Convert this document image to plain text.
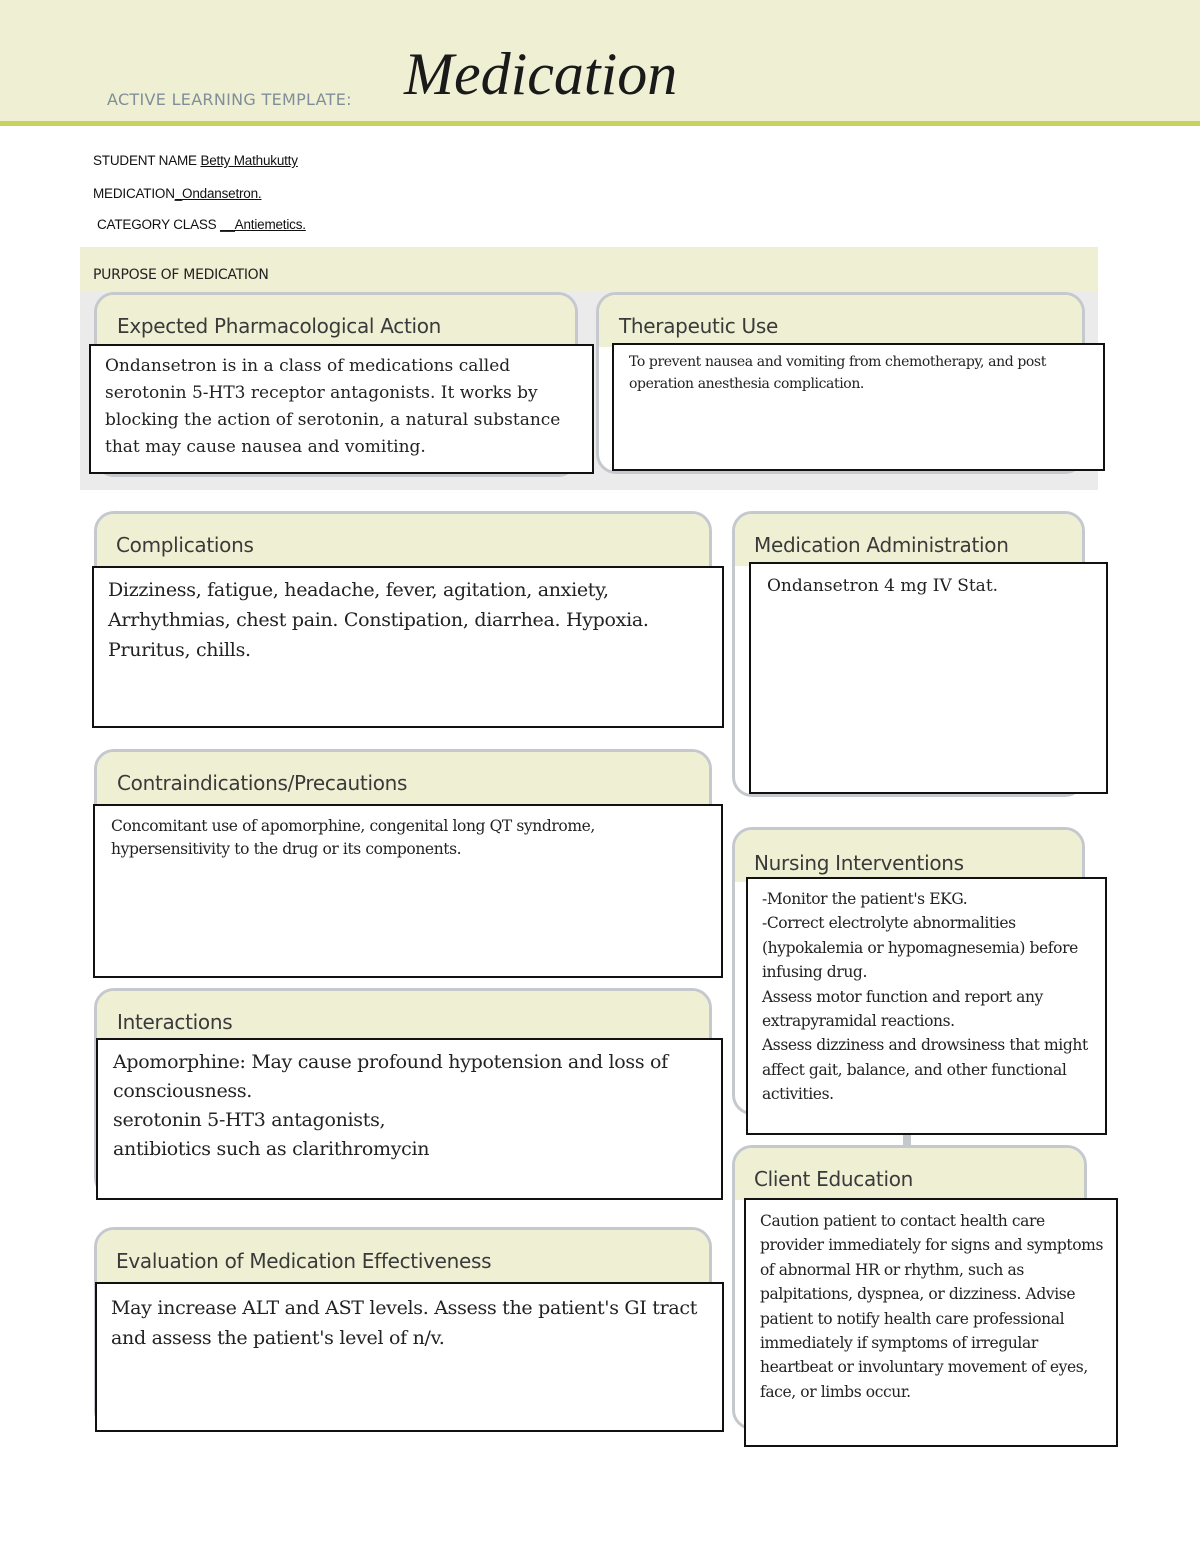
ACTIVE LEARNING TEMPLATE: Medication
STUDENT NAME Betty Mathukutty
MEDICATION_Ondansetron.
CATEGORY CLASS __Antiemetics.
PURPOSE OF MEDICATION
Expected Pharmacological Action
Ondansetron is in a class of medications called serotonin 5-HT3 receptor antagonists. It works by blocking the action of serotonin, a natural substance that may cause nausea and vomiting.
Therapeutic Use
To prevent nausea and vomiting from chemotherapy, and post operation anesthesia complication.
Complications
Dizziness, fatigue, headache, fever, agitation, anxiety, Arrhythmias, chest pain. Constipation, diarrhea. Hypoxia. Pruritus, chills.
Medication Administration
Ondansetron 4 mg IV Stat.
Contraindications/Precautions
Concomitant use of apomorphine, congenital long QT syndrome, hypersensitivity to the drug or its components.
Nursing Interventions
-Monitor the patient's EKG.
-Correct electrolyte abnormalities (hypokalemia or hypomagnesemia) before infusing drug.
Assess motor function and report any extrapyramidal reactions.
Assess dizziness and drowsiness that might affect gait, balance, and other functional activities.
Interactions
Apomorphine: May cause profound hypotension and loss of consciousness.
serotonin 5-HT3 antagonists,
antibiotics such as clarithromycin
Client Education
Caution patient to contact health care provider immediately for signs and symptoms of abnormal HR or rhythm, such as palpitations, dyspnea, or dizziness. Advise patient to notify health care professional immediately if symptoms of irregular heartbeat or involuntary movement of eyes, face, or limbs occur.
Evaluation of Medication Effectiveness
May increase ALT and AST levels. Assess the patient's GI tract and assess the patient's level of n/v.
